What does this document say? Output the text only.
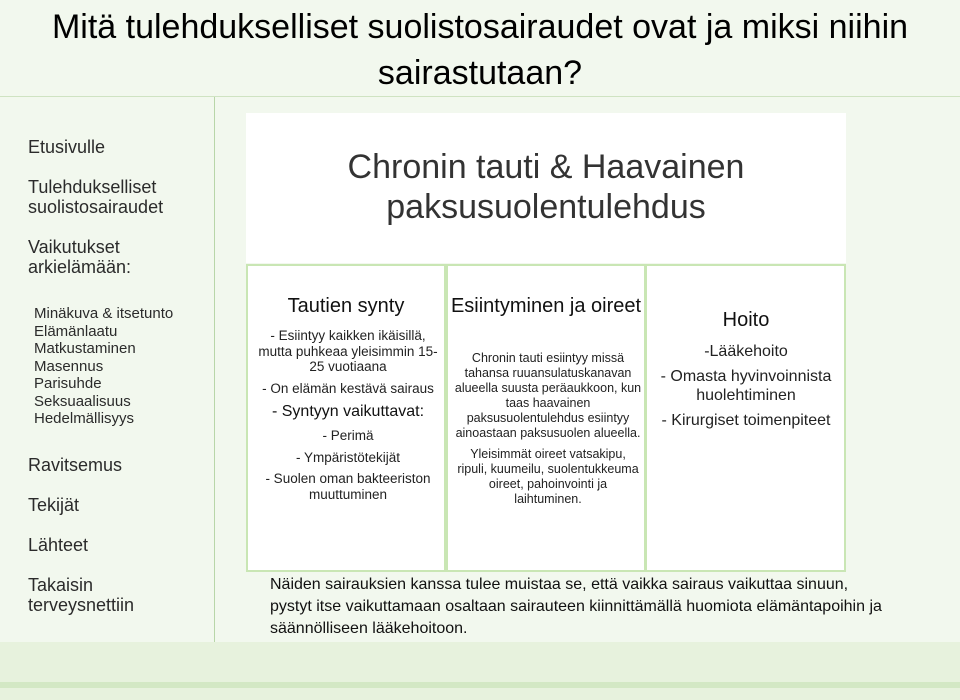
Mitä tulehdukselliset suolistosairaudet ovat ja miksi niihin sairastutaan?
Etusivulle
Tulehdukselliset suolistosairaudet
Vaikutukset arkielämään:
Minäkuva & itsetunto
Elämänlaatu
Matkustaminen
Masennus
Parisuhde
Seksuaalisuus
Hedelmällisyys
Ravitsemus
Tekijät
Lähteet
Takaisin terveysnettiin
Chronin tauti & Haavainen paksusuolentulehdus
Tautien synty

- Esiintyy kaikken ikäisillä, mutta puhkeaa yleisimmin 15-25 vuotiaana

- On elämän kestävä sairaus

- Syntyyn vaikuttavat:

- Perimä

- Ympäristötekijät

- Suolen oman bakteeriston muuttuminen

Esiintyminen ja oireet

Chronin tauti esiintyy missä tahansa ruuansulatuskanavan alueella suusta peräaukkoon, kun taas haavainen paksusuolentulehdus esiintyy ainoastaan paksusuolen alueella.

Yleisimmät oireet vatsakipu, ripuli, kuumeilu, suolentukkeuma oireet, pahoinvointi ja laihtuminen.

Hoito

-Lääkehoito

- Omasta hyvinvoinnista huolehtiminen

- Kirurgiset toimenpiteet

Näiden sairauksien kanssa tulee muistaa se, että vaikka sairaus vaikuttaa sinuun, pystyt itse vaikuttamaan osaltaan sairauteen kiinnittämällä huomiota elämäntapoihin ja säännölliseen lääkehoitoon.
